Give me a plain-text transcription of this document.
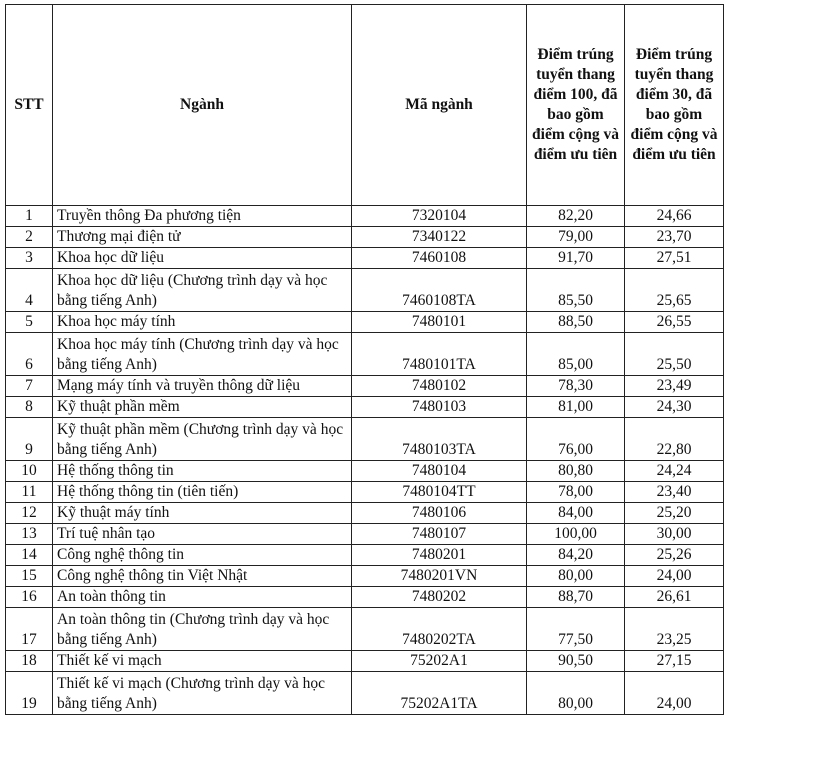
STT	Ngành	Mã ngành	Điểm trúng tuyển thang điểm 100, đã bao gồm điểm cộng và điểm ưu tiên	Điểm trúng tuyển thang điểm 30, đã bao gồm điểm cộng và điểm ưu tiên
1	Truyền thông Đa phương tiện	7320104	82,20	24,66
2	Thương mại điện tử	7340122	79,00	23,70
3	Khoa học dữ liệu	7460108	91,70	27,51
4	Khoa học dữ liệu (Chương trình dạy và học bằng tiếng Anh)	7460108TA	85,50	25,65
5	Khoa học máy tính	7480101	88,50	26,55
6	Khoa học máy tính (Chương trình dạy và học bằng tiếng Anh)	7480101TA	85,00	25,50
7	Mạng máy tính và truyền thông dữ liệu	7480102	78,30	23,49
8	Kỹ thuật phần mềm	7480103	81,00	24,30
9	Kỹ thuật phần mềm (Chương trình dạy và học bằng tiếng Anh)	7480103TA	76,00	22,80
10	Hệ thống thông tin	7480104	80,80	24,24
11	Hệ thống thông tin (tiên tiến)	7480104TT	78,00	23,40
12	Kỹ thuật máy tính	7480106	84,00	25,20
13	Trí tuệ nhân tạo	7480107	100,00	30,00
14	Công nghệ thông tin	7480201	84,20	25,26
15	Công nghệ thông tin Việt Nhật	7480201VN	80,00	24,00
16	An toàn thông tin	7480202	88,70	26,61
17	An toàn thông tin (Chương trình dạy và học bằng tiếng Anh)	7480202TA	77,50	23,25
18	Thiết kế vi mạch	75202A1	90,50	27,15
19	Thiết kế vi mạch (Chương trình dạy và học bằng tiếng Anh)	75202A1TA	80,00	24,00
